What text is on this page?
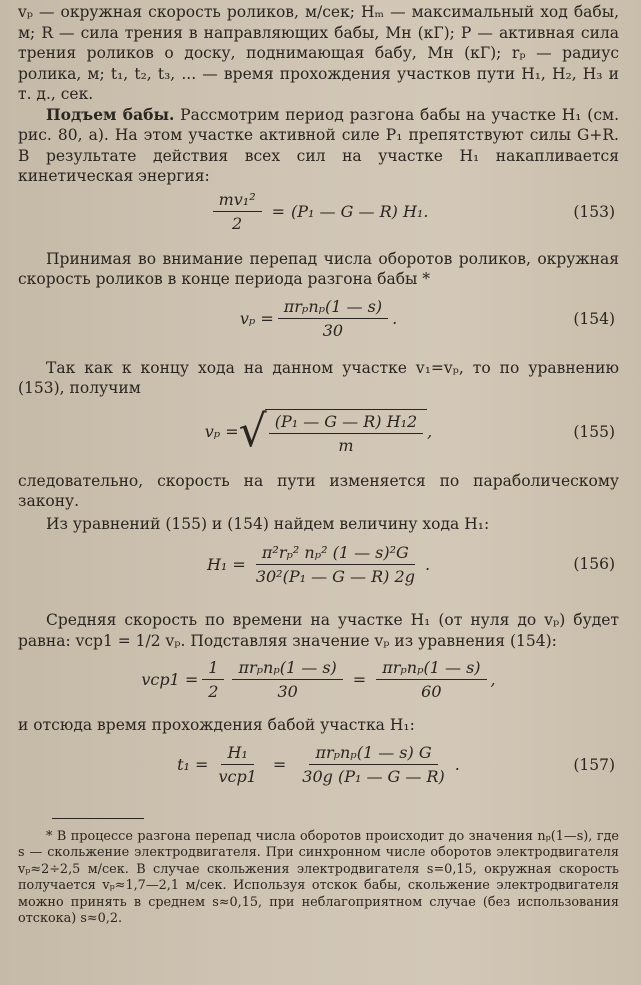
vₚ — окружная скорость роликов, м/сек; Hₘ — максимальный ход бабы, м; R — сила трения в направляющих бабы, Мн (кГ); P — активная сила трения роликов о доску, поднимающая бабу, Мн (кГ); rₚ — радиус ролика, м; t₁, t₂, t₃, ... — время прохождения участков пути H₁, H₂, H₃ и т. д., сек.

Подъем бабы. Рассмотрим период разгона бабы на участке H₁ (см. рис. 80, а). На этом участке активной силе P₁ препятствуют силы G+R. В результате действия всех сил на участке H₁ накапливается кинетическая энергия:

$\frac{\text{mv₁²}}{2} = (P_1$ — G — R) H₁.	(153)

Принимая во внимание перепад числа оборотов роликов, окружная скорость роликов в конце периода разгона бабы *

$v_p = \frac{\text{πrₚnₚ(1 — s)}}{30}$ .	(154)

Так как к концу хода на данном участке v₁=vₚ, то по уравнению (153), получим

vₚ = √ $\frac{\text{(P₁ — G — R) H₁2}}{m}$ ,	(155)

следовательно, скорость на пути изменяется по параболическому закону.

Из уравнений (155) и (154) найдем величину хода H₁:

$H_1 = \frac{\text{π²rₚ² nₚ² (1 — s)²G}}{\text{30²(P₁ — G — R) 2g}}$ .	(156)

Средняя скорость по времени на участке H₁ (от нуля до vₚ) будет равна: vср1 = 1/2 vₚ. Подставляя значение vₚ из уравнения (154):

$vср1 = \frac{1}{2} \frac{\text{πrₚnₚ(1 — s)}}{30} = \frac{\text{πrₚnₚ(1 — s)}}{60}$ ,

и отсюда время прохождения бабой участка H₁:

$t_1 = \frac{\text{H₁}}{\text{vср1}} = \frac{\text{πrₚnₚ(1 — s) G}}{\text{30g (P₁ — G — R)}}$ .	(157)

* В процессе разгона перепад числа оборотов происходит до значения nₚ(1—s), где s — скольжение электродвигателя. При синхронном числе оборотов электродвигателя vₚ≈2÷2,5 м/сек. В случае скольжения электродвигателя s=0,15, окружная скорость получается vₚ≈1,7—2,1 м/сек. Используя отскок бабы, скольжение электродвигателя можно принять в среднем s≈0,15, при неблагоприятном случае (без использования отскока) s≈0,2.
